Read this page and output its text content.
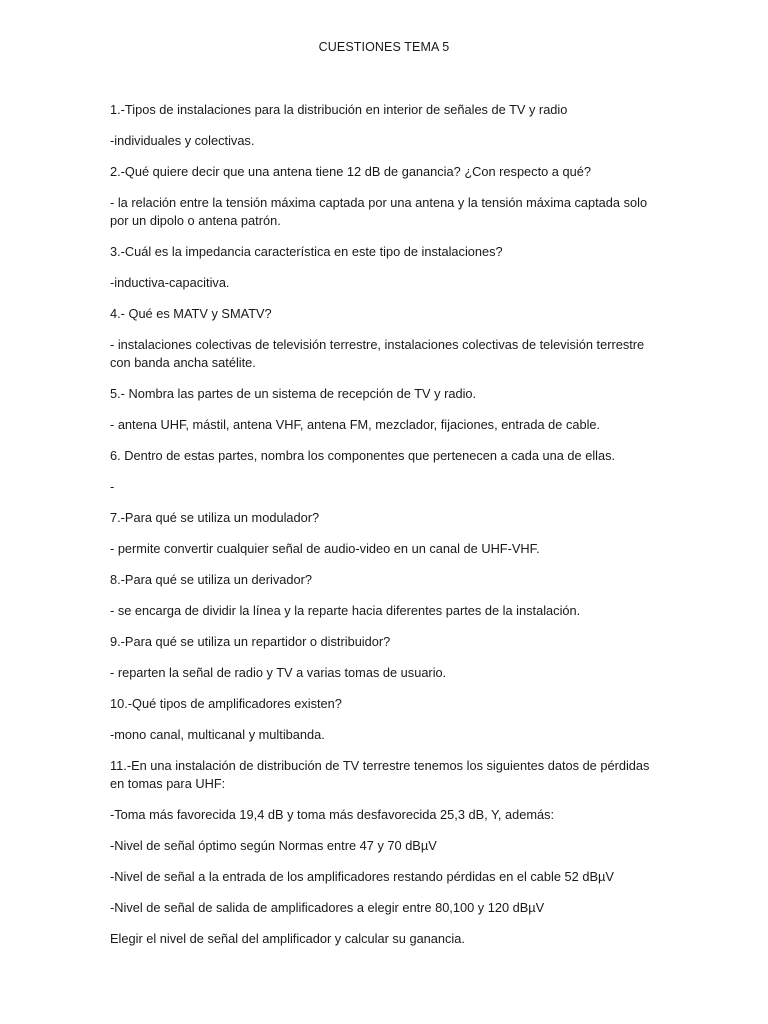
CUESTIONES TEMA 5

1.-Tipos de instalaciones para la distribución en interior de señales de TV y radio

-individuales y colectivas.

2.-Qué quiere decir que una antena tiene 12 dB de ganancia? ¿Con respecto a qué?

- la relación entre la tensión máxima captada por una antena y la tensión máxima captada solo por un dipolo o antena patrón.

3.-Cuál es la impedancia característica en este tipo de instalaciones?

-inductiva-capacitiva.

4.- Qué es MATV y SMATV?

- instalaciones colectivas de televisión terrestre, instalaciones colectivas de televisión terrestre con banda ancha satélite.

5.- Nombra las partes de un sistema de recepción de TV y radio.

- antena UHF, mástil, antena VHF, antena FM, mezclador, fijaciones, entrada de cable.

6. Dentro de estas partes, nombra los componentes que pertenecen a cada una de ellas.

-

7.-Para qué se utiliza un modulador?

- permite convertir cualquier señal de audio-video en un canal de UHF-VHF.

8.-Para qué se utiliza un derivador?

- se encarga de dividir la línea y la reparte hacia diferentes partes de la instalación.

9.-Para qué se utiliza un repartidor o distribuidor?

- reparten la señal de radio y TV a varias tomas de usuario.

10.-Qué tipos de amplificadores existen?

-mono canal, multicanal y multibanda.

11.-En una instalación de distribución de TV terrestre tenemos los siguientes datos de pérdidas en tomas para UHF:

-Toma más favorecida 19,4 dB y toma más desfavorecida 25,3 dB, Y, además:

-Nivel de señal óptimo según Normas entre 47 y 70 dBµV

-Nivel de señal a la entrada de los amplificadores restando pérdidas en el cable 52 dBµV

-Nivel de señal de salida de amplificadores a elegir entre 80,100 y 120 dBµV

Elegir el nivel de señal del amplificador y calcular su ganancia.
